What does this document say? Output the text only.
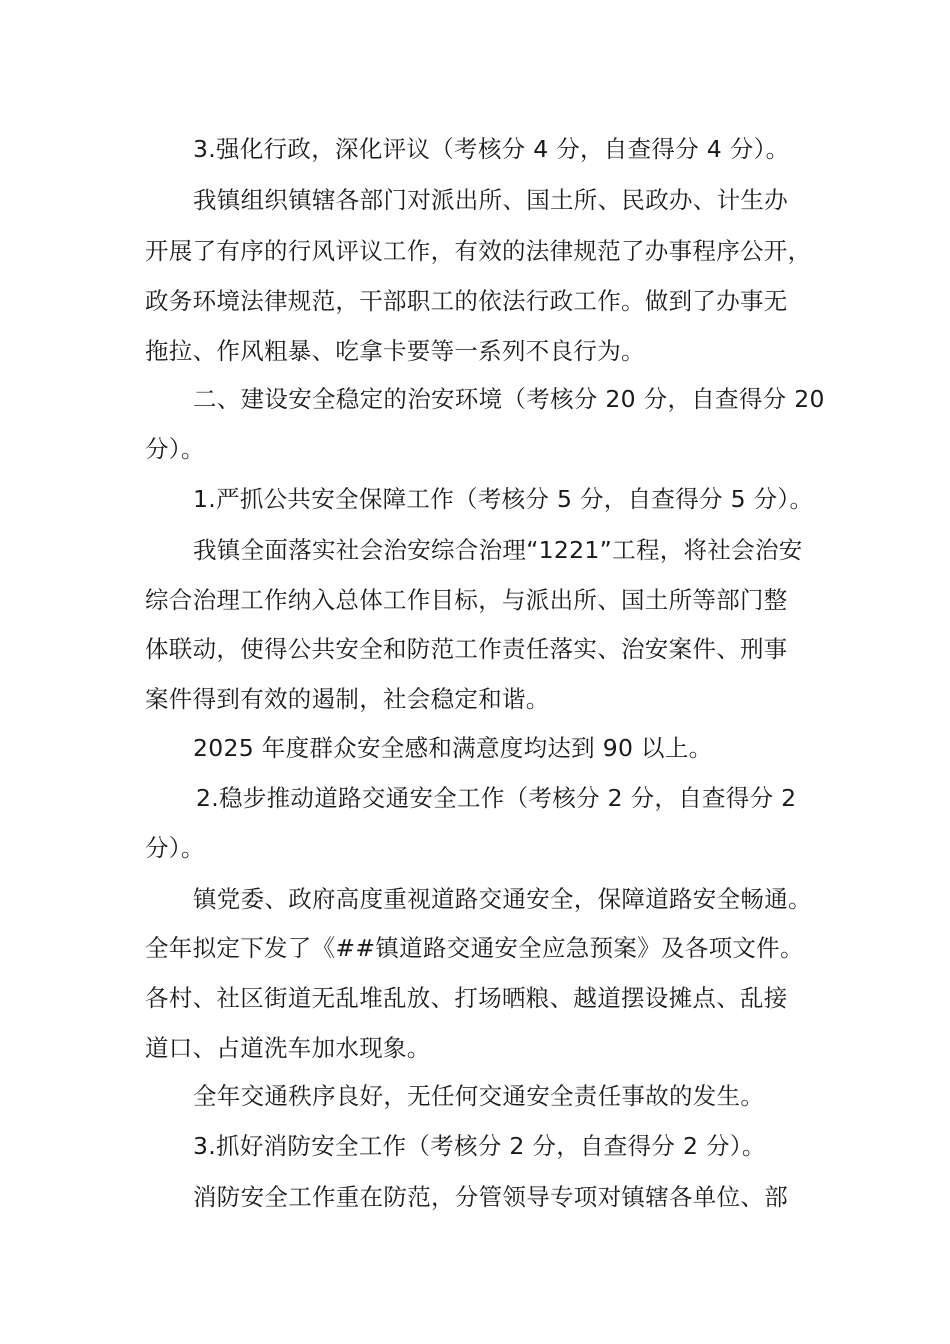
3.强化行政，深化评议（考核分 4 分，自查得分 4 分）。
我镇组织镇辖各部门对派出所、国土所、民政办、计生办
开展了有序的行风评议工作，有效的法律规范了办事程序公开，
政务环境法律规范，干部职工的依法行政工作。做到了办事无
拖拉、作风粗暴、吃拿卡要等一系列不良行为。
二、建设安全稳定的治安环境（考核分 20 分，自查得分 20
分）。
1.严抓公共安全保障工作（考核分 5 分，自查得分 5 分）。
我镇全面落实社会治安综合治理“1221”工程，将社会治安
综合治理工作纳入总体工作目标，与派出所、国土所等部门整
体联动，使得公共安全和防范工作责任落实、治安案件、刑事
案件得到有效的遏制，社会稳定和谐。
2025 年度群众安全感和满意度均达到 90 以上。
2.稳步推动道路交通安全工作（考核分 2 分，自查得分 2
分）。
镇党委、政府高度重视道路交通安全，保障道路安全畅通。
全年拟定下发了《##镇道路交通安全应急预案》及各项文件。
各村、社区街道无乱堆乱放、打场晒粮、越道摆设摊点、乱接
道口、占道洗车加水现象。
全年交通秩序良好，无任何交通安全责任事故的发生。
3.抓好消防安全工作（考核分 2 分，自查得分 2 分）。
消防安全工作重在防范，分管领导专项对镇辖各单位、部
